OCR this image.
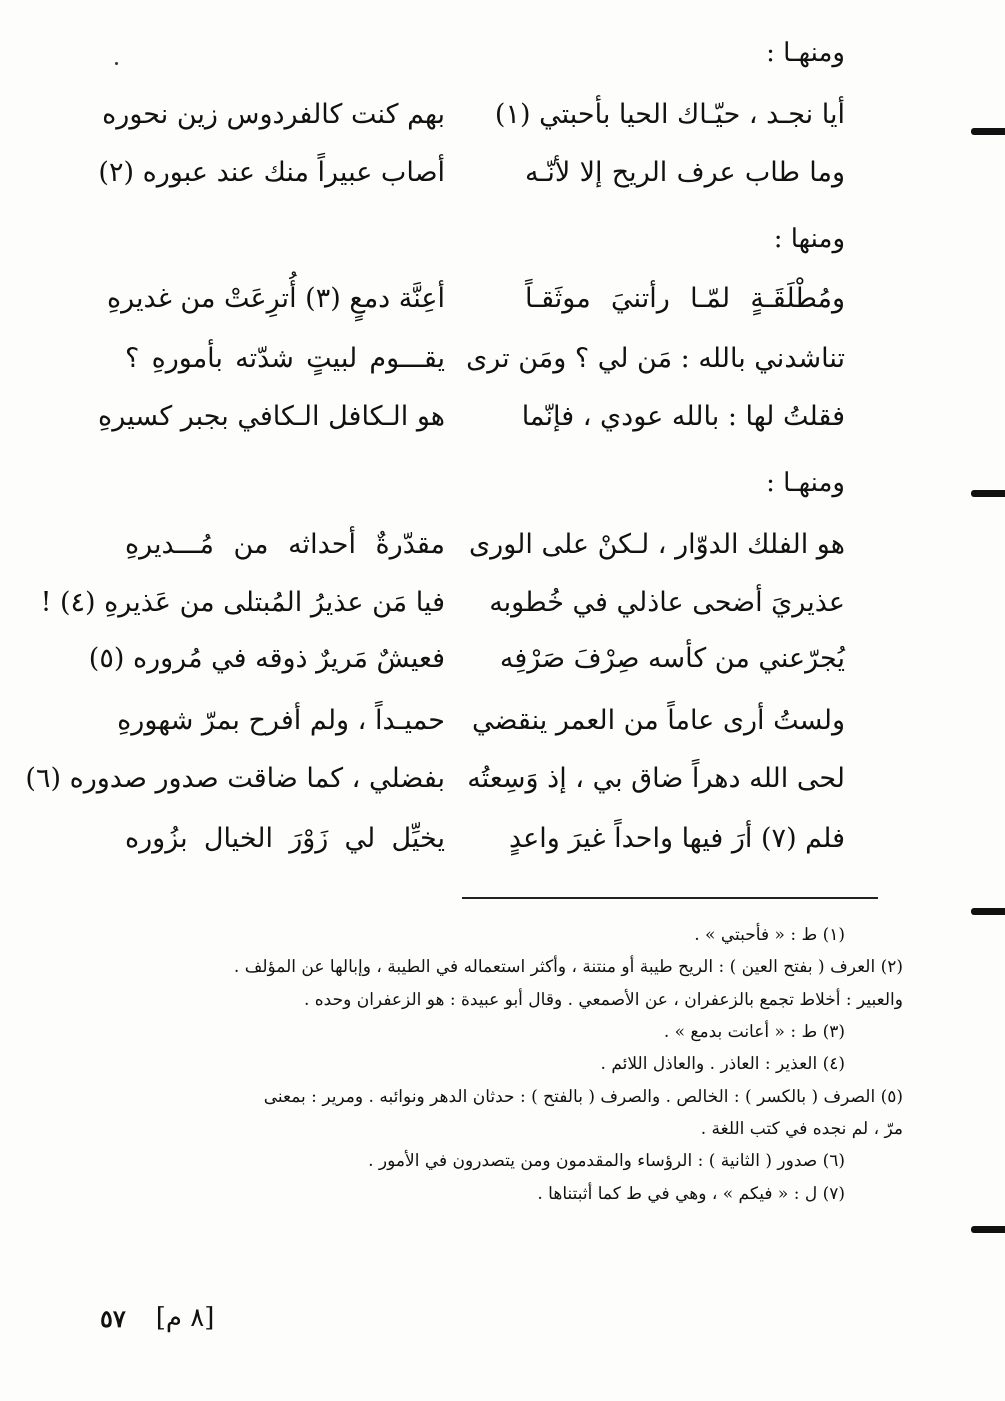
ومنهـا :
أيا نجـد ، حيّـاك الحيا بأحبتي (١)
بهم كنت كالفردوس زين نحوره
وما طاب عرف الريح إلا لأنّـه
أصاب عبيراً منك عند عبوره (٢)
ومنها :
ومُطْلَقَـةٍ لمّـا رأتنيَ موثَقـاً
أعِنَّة دمعٍ (٣) أُترِعَتْ من غديرهِ
تناشدني بالله : مَن لي ؟ ومَن ترى
يقـــوم لبيتٍ شدّته بأمورهِ ؟
فقلتُ لها : بالله عودي ، فإنّما
هو الـكافل الـكافي بجبر كسيرهِ
ومنهـا :
هو الفلك الدوّار ، لـكنْ على الورى
مقدّرةٌ أحداثه من مُـــديرهِ
عذيريَ أضحى عاذلي في خُطوبه
فيا مَن عذيرُ المُبتلى من عَذيرهِ (٤) !
يُجرّعني من كأسه صِرْفَ صَرْفِه
فعيشٌ مَريرٌ ذوقه في مُروره (٥)
ولستُ أرى عاماً من العمر ينقضي
حميـداً ، ولم أفرح بمرّ شهورهِ
لحى الله دهراً ضاق بي ، إذ وَسِعتُه
بفضلي ، كما ضاقت صدور صدوره (٦)
فلم (٧) أرَ فيها واحداً غيرَ واعدٍ
يخيِّل لي زَوْرَ الخيال بزُوره

(١) ط : « فأحبتي » .

(٢) العرف ( بفتح العين ) : الريح طيبة أو منتنة ، وأكثر استعماله في الطيبة ، وإبالها عن المؤلف .

والعبير : أخلاط تجمع بالزعفران ، عن الأصمعي . وقال أبو عبيدة : هو الزعفران وحده .

(٣) ط : « أعانت بدمع » .

(٤) العذير : العاذر . والعاذل اللائم .

(٥) الصرف ( بالكسر ) : الخالص . والصرف ( بالفتح ) : حدثان الدهر ونوائبه . ومرير : بمعنى

مرّ ، لم نجده في كتب اللغة .

(٦) صدور ( الثانية ) : الرؤساء والمقدمون ومن يتصدرون في الأمور .

(٧) ل : « فيكم » ، وهي في ط كما أثبتناها .

٥٧ [٨ م]
